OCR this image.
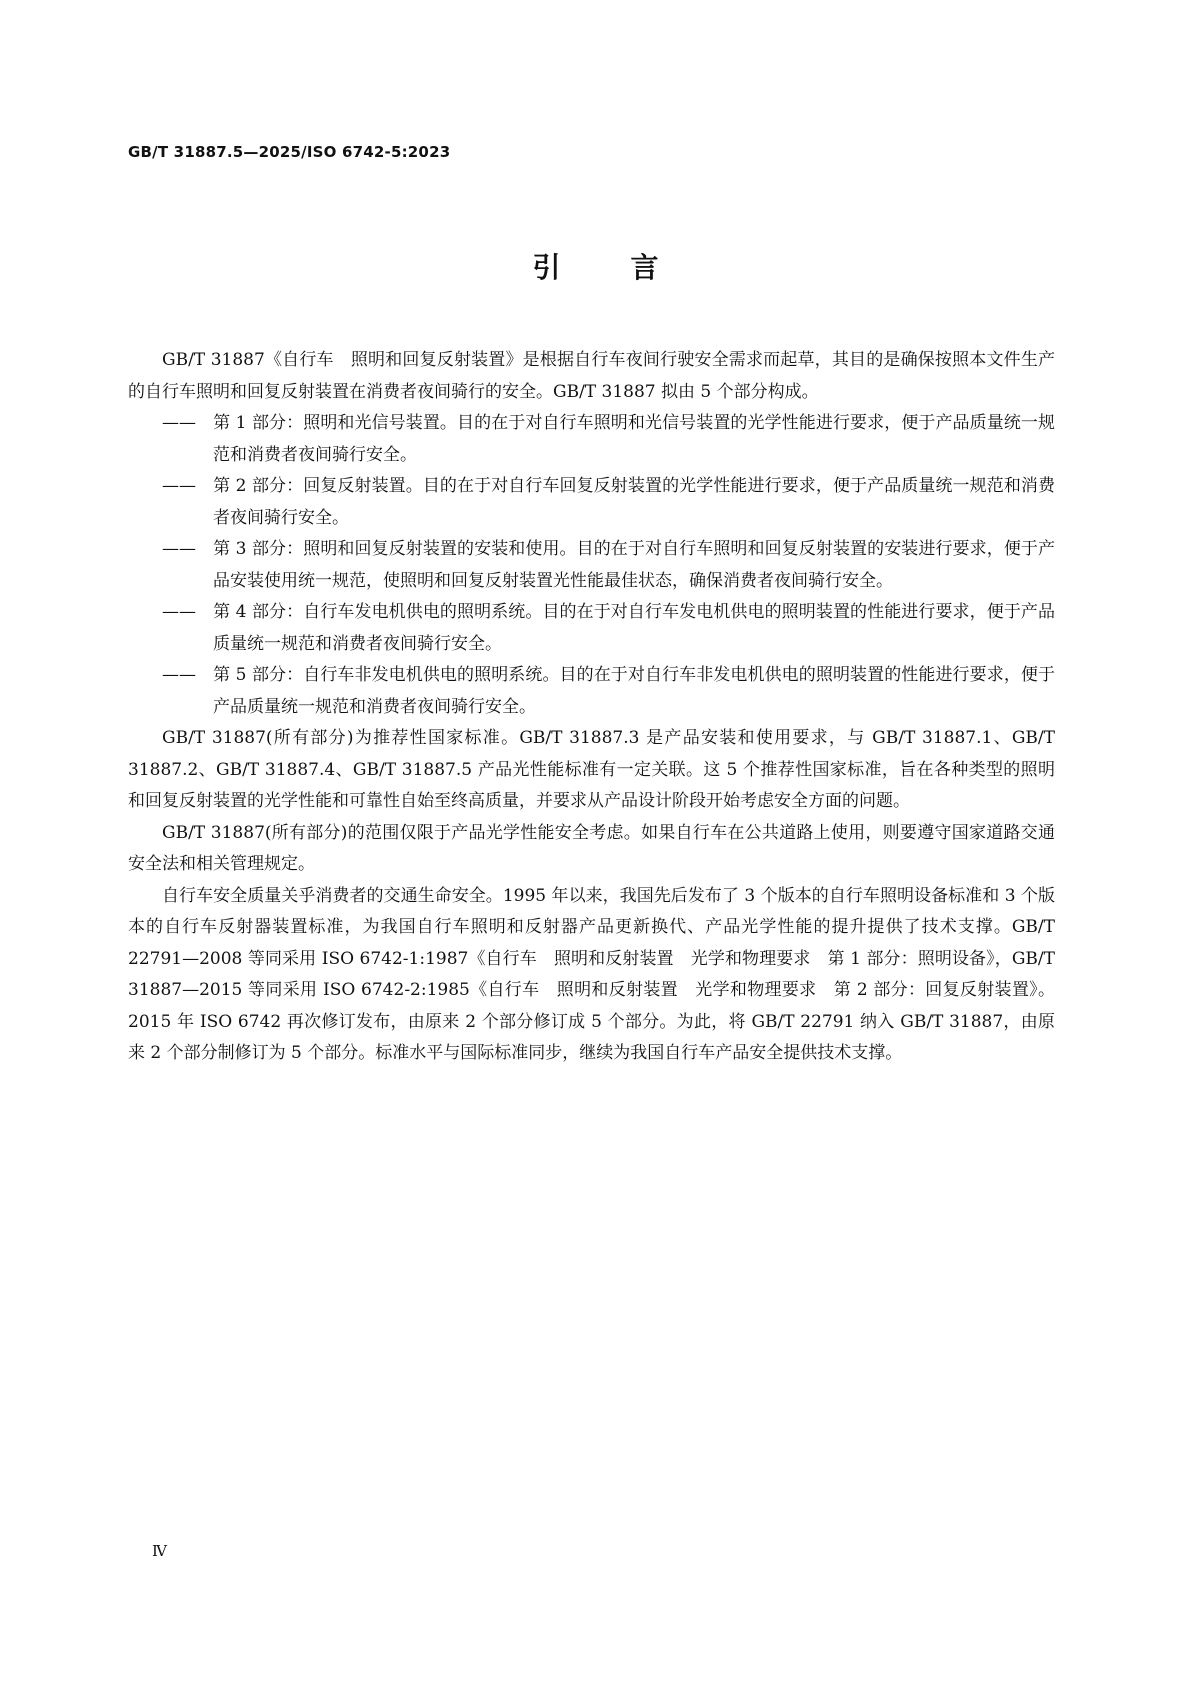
GB/T 31887.5—2025/ISO 6742-5:2023
引	言

GB/T 31887《自行车　照明和回复反射装置》是根据自行车夜间行驶安全需求而起草，其目的是确保按照本文件生产的自行车照明和回复反射装置在消费者夜间骑行的安全。GB/T 31887 拟由 5 个部分构成。

—— 第 1 部分：照明和光信号装置。目的在于对自行车照明和光信号装置的光学性能进行要求，便于产品质量统一规范和消费者夜间骑行安全。
—— 第 2 部分：回复反射装置。目的在于对自行车回复反射装置的光学性能进行要求，便于产品质量统一规范和消费者夜间骑行安全。
—— 第 3 部分：照明和回复反射装置的安装和使用。目的在于对自行车照明和回复反射装置的安装进行要求，便于产品安装使用统一规范，使照明和回复反射装置光性能最佳状态，确保消费者夜间骑行安全。
—— 第 4 部分：自行车发电机供电的照明系统。目的在于对自行车发电机供电的照明装置的性能进行要求，便于产品质量统一规范和消费者夜间骑行安全。
—— 第 5 部分：自行车非发电机供电的照明系统。目的在于对自行车非发电机供电的照明装置的性能进行要求，便于产品质量统一规范和消费者夜间骑行安全。

GB/T 31887(所有部分)为推荐性国家标准。GB/T 31887.3 是产品安装和使用要求，与 GB/T 31887.1、GB/T 31887.2、GB/T 31887.4、GB/T 31887.5 产品光性能标准有一定关联。这 5 个推荐性国家标准，旨在各种类型的照明和回复反射装置的光学性能和可靠性自始至终高质量，并要求从产品设计阶段开始考虑安全方面的问题。

GB/T 31887(所有部分)的范围仅限于产品光学性能安全考虑。如果自行车在公共道路上使用，则要遵守国家道路交通安全法和相关管理规定。

自行车安全质量关乎消费者的交通生命安全。1995 年以来，我国先后发布了 3 个版本的自行车照明设备标准和 3 个版本的自行车反射器装置标准，为我国自行车照明和反射器产品更新换代、产品光学性能的提升提供了技术支撑。GB/T 22791—2008 等同采用 ISO 6742-1:1987《自行车　照明和反射装置　光学和物理要求　第 1 部分：照明设备》，GB/T 31887—2015 等同采用 ISO 6742-2:1985《自行车　照明和反射装置　光学和物理要求　第 2 部分：回复反射装置》。2015 年 ISO 6742 再次修订发布，由原来 2 个部分修订成 5 个部分。为此，将 GB/T 22791 纳入 GB/T 31887，由原来 2 个部分制修订为 5 个部分。标准水平与国际标准同步，继续为我国自行车产品安全提供技术支撑。

Ⅳ
